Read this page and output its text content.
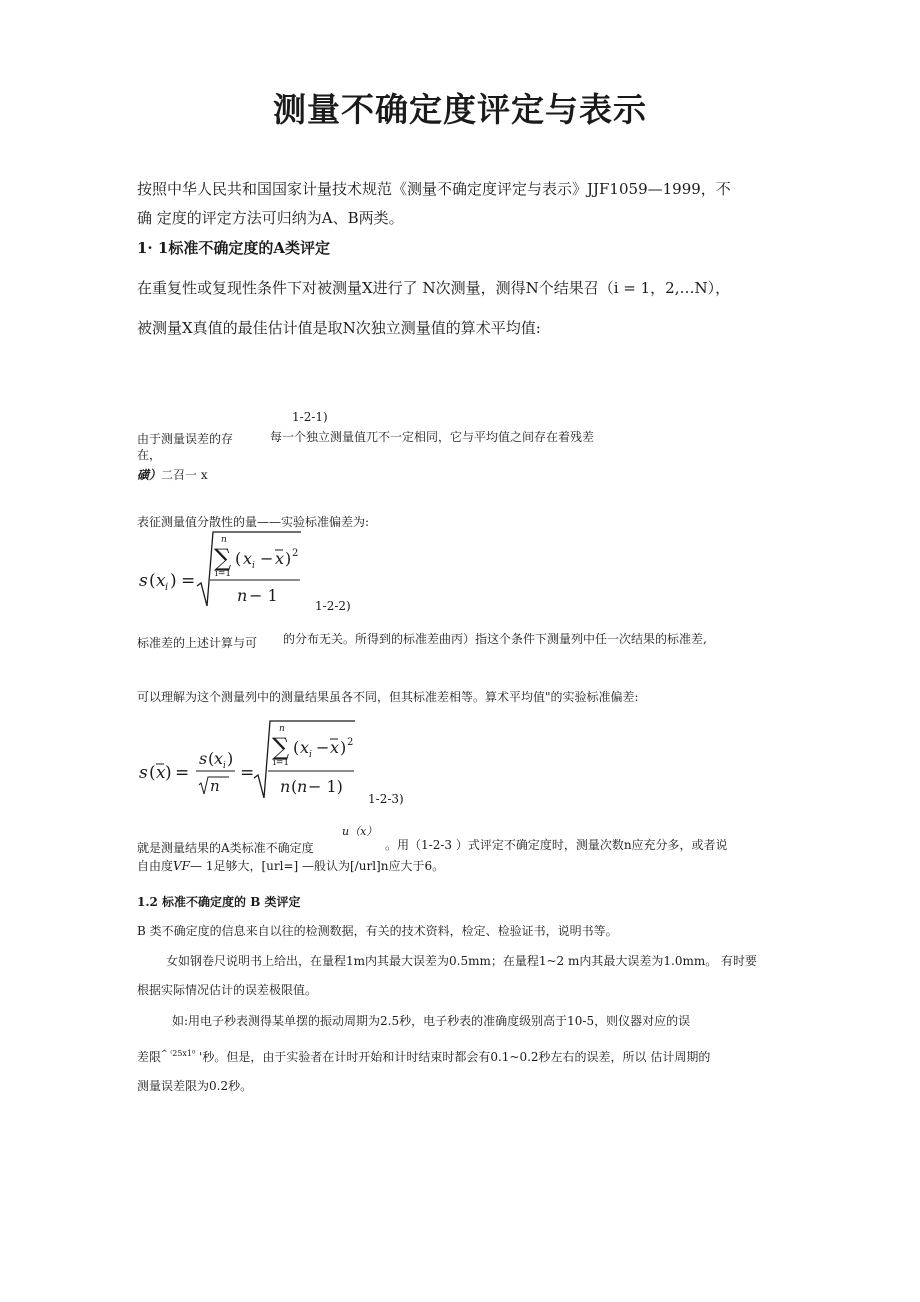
测量不确定度评定与表示
按照中华人民共和国国家计量技术规范《测量不确定度评定与表示》JJF1059—1999，不
确 定度的评定方法可归纳为A、B两类。
1· 1标准不确定度的A类评定
在重复性或复现性条件下对被测量X进行了 N次测量，测得N个结果召（i = 1，2,…N），
被测量X真值的最佳估计值是取N次独立测量值的算术平均值:
1-2-1)
由于测量误差的存	每一个独立测量值兀不一定相同，它与平均值之间存在着残差
在，
磺）二召一 x
表征测量值分散性的量——实验标准偏差为:
s ( x i ) =
n
∑
i=1
( x i − x ) 2
n − 1
1-2-2)
标准差的上述计算与可 的分布无关。所得到的标准差曲丙）指这个条件下测量列中任一次结果的标准差,
可以理解为这个测量列中的测量结果虽各不同，但其标准差相等。算术平均值"的实验标准偏差:
s ( x ) =
s ( x i )
n
=
n
∑
i=1
( x i − x ) 2
n ( n − 1)
1-2-3)
u（x）
就是测量结果的A类标准不确定度	。用（1-2-3 ）式评定不确定度时，测量次数n应充分多，或者说
自由度VF— 1足够大，[url=] —般认为[/url]n应大于6。
1.2 标准不确定度的 B 类评定
B 类不确定度的信息来自以往的检测数据，有关的技术资料，检定、检验证书，说明书等。
女如钢卷尺说明书上给出，在量程1m内其最大误差为0.5mm；在量程1~2 m内其最大误差为1.0mm。 有时要
根据实际情况估计的误差极限值。
如:用电子秒表测得某单摆的振动周期为2.5秒，电子秒表的准确度级别高于10-5，则仪器对应的误
差限$^{\^{} ^(25x1^0}$ '秒。但是，由于实验者在计时开始和计时结束时都会有0.1~0.2秒左右的误差，所以 估计周期的
测量误差限为0.2秒。
